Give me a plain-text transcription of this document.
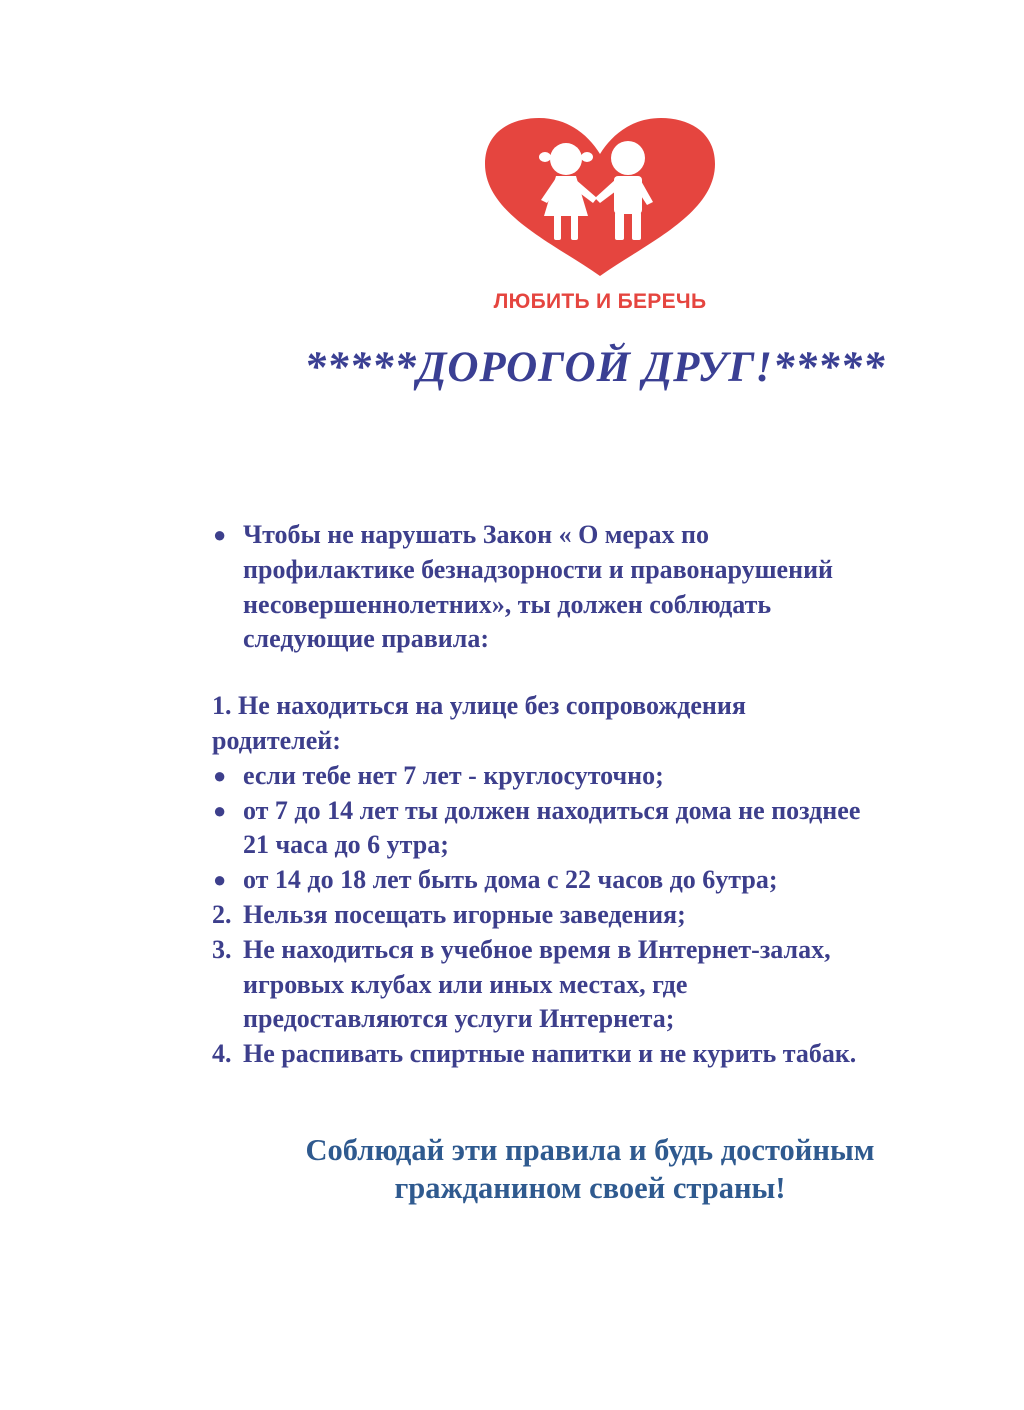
ЛЮБИТЬ И БЕРЕЧЬ
*****ДОРОГОЙ ДРУГ!*****
● Чтобы не нарушать Закон « О мерах по
профилактике безнадзорности и правонарушений
несовершеннолетних», ты должен соблюдать
следующие правила:
1. Не находиться на улице без сопровождения
родителей:
● если тебе нет 7 лет - круглосуточно;
● от 7 до 14 лет ты должен находиться дома не позднее
21 часа до 6 утра;
● от 14 до 18 лет быть дома с 22 часов до 6утра;
2. Нельзя посещать игорные заведения;
3. Не находиться в учебное время в Интернет-залах,
игровых клубах или иных местах, где
предоставляются услуги Интернета;
4. Не распивать спиртные напитки и не курить табак.
Соблюдай эти правила и будь достойным
гражданином своей страны!
